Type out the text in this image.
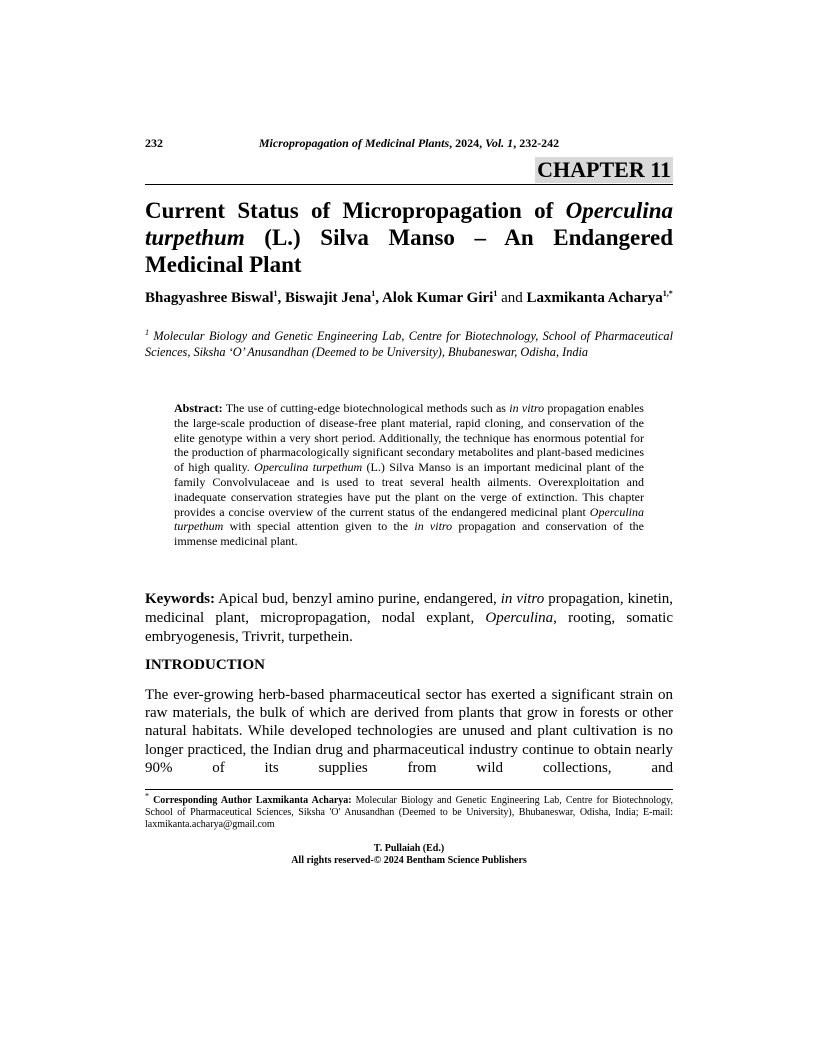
232	Micropropagation of Medicinal Plants, 2024, Vol. 1, 232-242
CHAPTER 11
Current Status of Micropropagation of Operculina turpethum (L.) Silva Manso – An Endangered Medicinal Plant
Bhagyashree Biswal$^1$, Biswajit Jena$^1$, Alok Kumar Giri$^1$ and Laxmikanta Acharya$^{1,*}$
$^1$ Molecular Biology and Genetic Engineering Lab, Centre for Biotechnology, School of Pharmaceutical Sciences, Siksha ‘O’ Anusandhan (Deemed to be University), Bhubaneswar, Odisha, India
Abstract: The use of cutting-edge biotechnological methods such as in vitro propagation enables the large-scale production of disease-free plant material, rapid cloning, and conservation of the elite genotype within a very short period. Additionally, the technique has enormous potential for the production of pharmacologically significant secondary metabolites and plant-based medicines of high quality. Operculina turpethum (L.) Silva Manso is an important medicinal plant of the family Convolvulaceae and is used to treat several health ailments. Overexploitation and inadequate conservation strategies have put the plant on the verge of extinction. This chapter provides a concise overview of the current status of the endangered medicinal plant Operculina turpethum with special attention given to the in vitro propagation and conservation of the immense medicinal plant.
Keywords: Apical bud, benzyl amino purine, endangered, in vitro propagation, kinetin, medicinal plant, micropropagation, nodal explant, Operculina, rooting, somatic embryogenesis, Trivrit, turpethein.
INTRODUCTION
The ever-growing herb-based pharmaceutical sector has exerted a significant strain on raw materials, the bulk of which are derived from plants that grow in forests or other natural habitats. While developed technologies are unused and plant cultivation is no longer practiced, the Indian drug and pharmaceutical industry continue to obtain nearly 90% of its supplies from wild collections, and
* Corresponding Author Laxmikanta Acharya: Molecular Biology and Genetic Engineering Lab, Centre for Biotechnology, School of Pharmaceutical Sciences, Siksha 'O' Anusandhan (Deemed to be University), Bhubaneswar, Odisha, India; E-mail: laxmikanta.acharya@gmail.com
T. Pullaiah (Ed.)
All rights reserved-© 2024 Bentham Science Publishers
